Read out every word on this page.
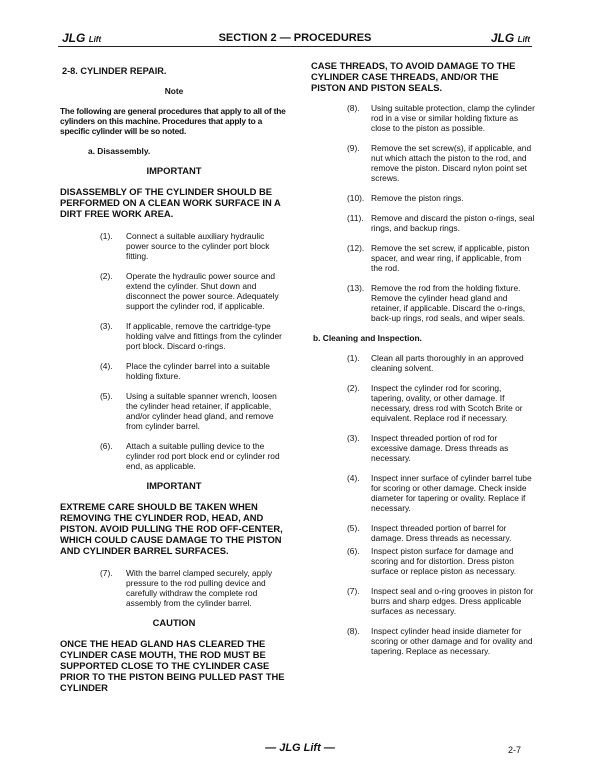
JLG Lift	SECTION 2 — PROCEDURES	JLG Lift
2-8. CYLINDER REPAIR.
Note
The following are general procedures that apply to all of the cylinders on this machine. Procedures that apply to a specific cylinder will be so noted.
a. Disassembly.
IMPORTANT
DISASSEMBLY OF THE CYLINDER SHOULD BE PERFORMED ON A CLEAN WORK SURFACE IN A DIRT FREE WORK AREA.
(1). Connect a suitable auxiliary hydraulic power source to the cylinder port block fitting.
(2). Operate the hydraulic power source and extend the cylinder. Shut down and disconnect the power source. Adequately support the cylinder rod, if applicable.
(3). If applicable, remove the cartridge-type holding valve and fittings from the cylinder port block. Discard o-rings.
(4). Place the cylinder barrel into a suitable holding fixture.
(5). Using a suitable spanner wrench, loosen the cylinder head retainer, if applicable, and/or cylinder head gland, and remove from cylinder barrel.
(6). Attach a suitable pulling device to the cylinder rod port block end or cylinder rod end, as applicable.
IMPORTANT
EXTREME CARE SHOULD BE TAKEN WHEN REMOVING THE CYLINDER ROD, HEAD, AND PISTON. AVOID PULLING THE ROD OFF-CENTER, WHICH COULD CAUSE DAMAGE TO THE PISTON AND CYLINDER BARREL SURFACES.
(7). With the barrel clamped securely, apply pressure to the rod pulling device and carefully withdraw the complete rod assembly from the cylinder barrel.
CAUTION
ONCE THE HEAD GLAND HAS CLEARED THE CYLINDER CASE MOUTH, THE ROD MUST BE SUPPORTED CLOSE TO THE CYLINDER CASE PRIOR TO THE PISTON BEING PULLED PAST THE CYLINDER
CASE THREADS, TO AVOID DAMAGE TO THE CYLINDER CASE THREADS, AND/OR THE PISTON AND PISTON SEALS.
(8). Using suitable protection, clamp the cylinder rod in a vise or similar holding fixture as close to the piston as possible.
(9). Remove the set screw(s), if applicable, and nut which attach the piston to the rod, and remove the piston. Discard nylon point set screws.
(10). Remove the piston rings.
(11). Remove and discard the piston o-rings, seal rings, and backup rings.
(12). Remove the set screw, if applicable, piston spacer, and wear ring, if applicable, from the rod.
(13). Remove the rod from the holding fixture. Remove the cylinder head gland and retainer, if applicable. Discard the o-rings, back-up rings, rod seals, and wiper seals.
b. Cleaning and Inspection.
(1). Clean all parts thoroughly in an approved cleaning solvent.
(2). Inspect the cylinder rod for scoring, tapering, ovality, or other damage. If necessary, dress rod with Scotch Brite or equivalent. Replace rod if necessary.
(3). Inspect threaded portion of rod for excessive damage. Dress threads as necessary.
(4). Inspect inner surface of cylinder barrel tube for scoring or other damage. Check inside diameter for tapering or ovality. Replace if necessary.
(5). Inspect threaded portion of barrel for damage. Dress threads as necessary.
(6). Inspect piston surface for damage and scoring and for distortion. Dress piston surface or replace piston as necessary.
(7). Inspect seal and o-ring grooves in piston for burrs and sharp edges. Dress applicable surfaces as necessary.
(8). Inspect cylinder head inside diameter for scoring or other damage and for ovality and tapering. Replace as necessary.
— JLG Lift —	2-7
